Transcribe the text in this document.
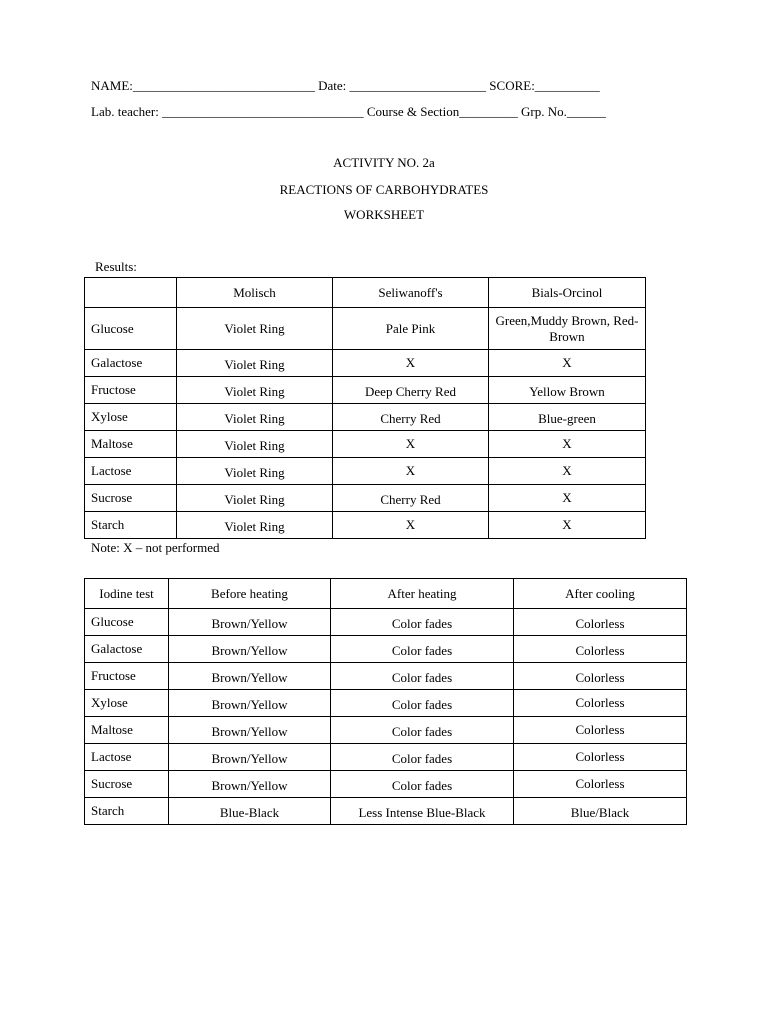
NAME:____________________________ Date: _____________________ SCORE:__________
Lab. teacher: _______________________________ Course & Section_________ Grp. No.______
ACTIVITY NO. 2a
REACTIONS OF CARBOHYDRATES
WORKSHEET
Results:
	Molisch	Seliwanoff's	Bials-Orcinol
Glucose	Violet Ring	Pale Pink	Green,Muddy Brown, Red-Brown
Galactose	Violet Ring	X	X
Fructose	Violet Ring	Deep Cherry Red	Yellow Brown
Xylose	Violet Ring	Cherry Red	Blue-green
Maltose	Violet Ring	X	X
Lactose	Violet Ring	X	X
Sucrose	Violet Ring	Cherry Red	X
Starch	Violet Ring	X	X
Note: X – not performed
Iodine test	Before heating	After heating	After cooling
Glucose	Brown/Yellow	Color fades	Colorless
Galactose	Brown/Yellow	Color fades	Colorless
Fructose	Brown/Yellow	Color fades	Colorless
Xylose	Brown/Yellow	Color fades	Colorless
Maltose	Brown/Yellow	Color fades	Colorless
Lactose	Brown/Yellow	Color fades	Colorless
Sucrose	Brown/Yellow	Color fades	Colorless
Starch	Blue-Black	Less Intense Blue-Black	Blue/Black
